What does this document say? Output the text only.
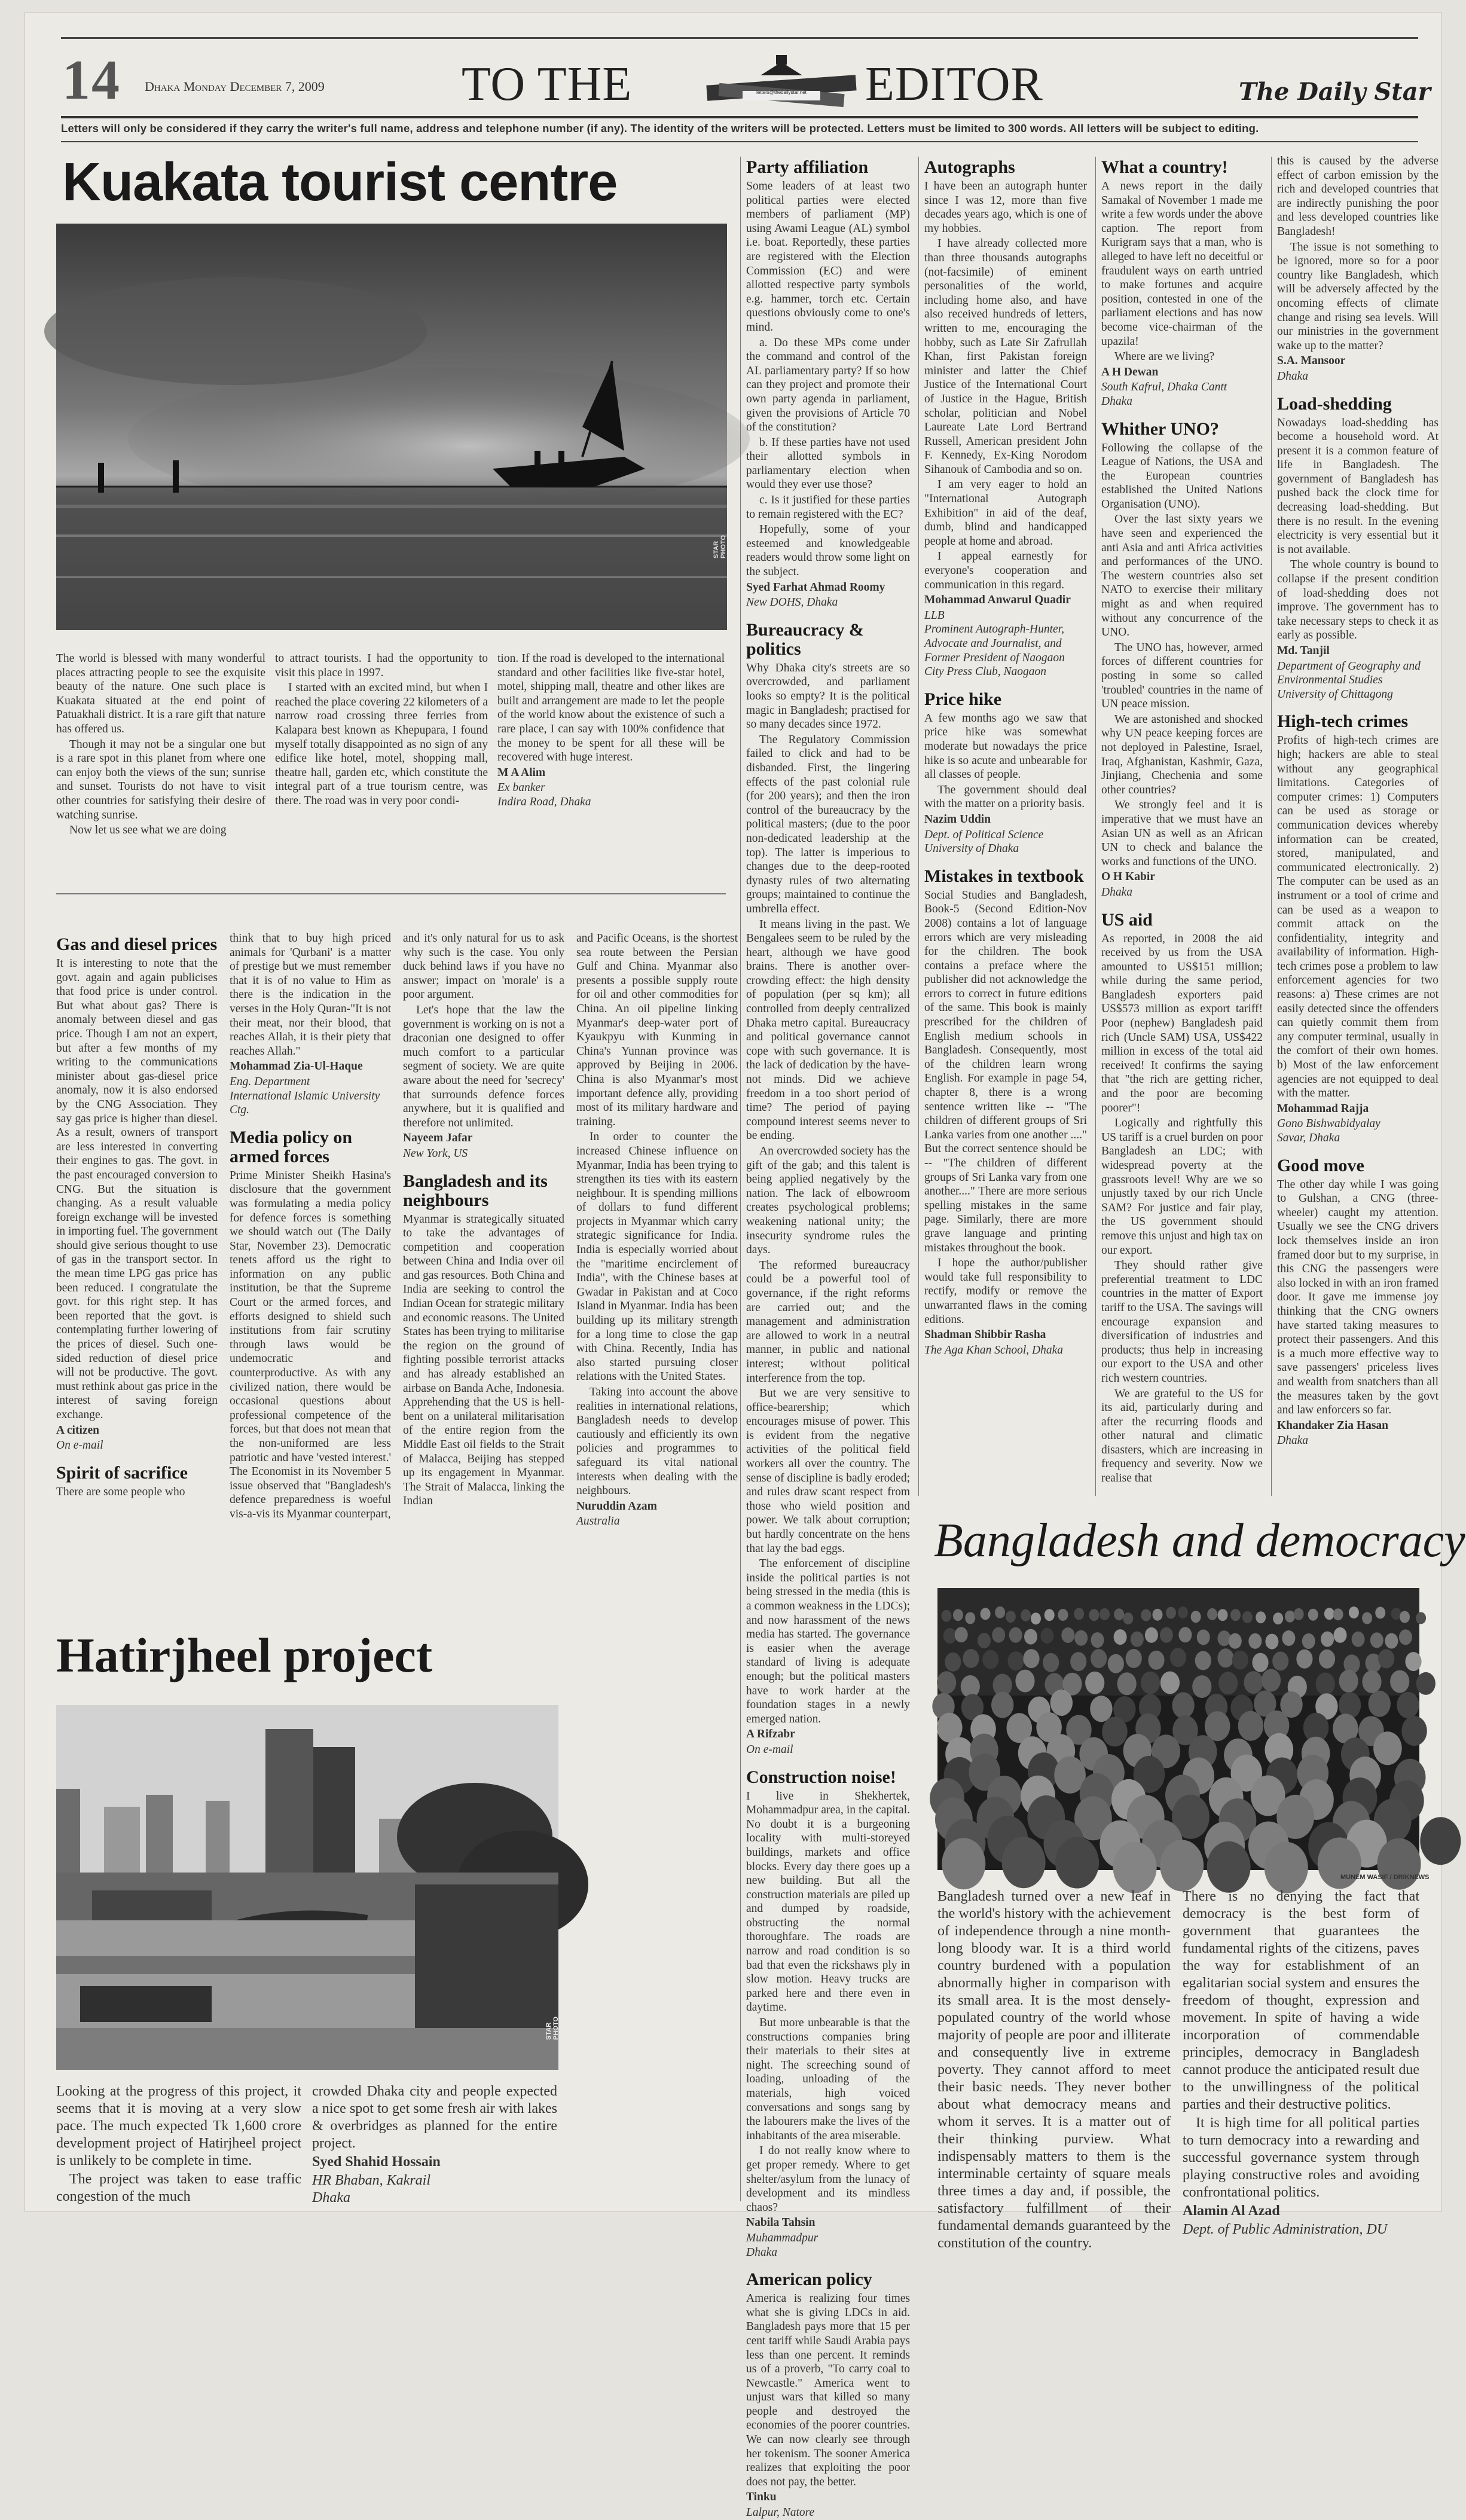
14 Dhaka Monday December 7, 2009	TO THE	letters@thedailystar.net EDITOR	The Daily Star
Letters will only be considered if they carry the writer's full name, address and telephone number (if any). The identity of the writers will be protected. Letters must be limited to 300 words. All letters will be subject to editing.
Kuakata tourist centre
STAR PHOTO

The world is blessed with many wonderful places attracting people to see the exquisite beauty of the nature. One such place is Kuakata situated at the end point of Patuakhali district. It is a rare gift that nature has offered us.

Though it may not be a singular one but is a rare spot in this planet from where one can enjoy both the views of the sun; sunrise and sunset. Tourists do not have to visit other countries for satisfying their desire of watching sunrise.

Now let us see what we are doing

to attract tourists. I had the opportunity to visit this place in 1997.

I started with an excited mind, but when I reached the place covering 22 kilometers of a narrow road crossing three ferries from Kalapara best known as Khepupara, I found myself totally disappointed as no sign of any edifice like hotel, motel, shopping mall, theatre hall, garden etc, which constitute the integral part of a true tourism centre, was there. The road was in very poor condi-

tion. If the road is developed to the international standard and other facilities like five-star hotel, motel, shipping mall, theatre and other likes are built and arrangement are made to let the people of the world know about the existence of such a rare place, I can say with 100% confidence that the money to be spent for all these will be recovered with huge interest.

M A Alim

Ex banker

Indira Road, Dhaka

Gas and diesel prices

It is interesting to note that the govt. again and again publicises that food price is under control. But what about gas? There is anomaly between diesel and gas price. Though I am not an expert, but after a few months of my writing to the communications minister about gas-diesel price anomaly, now it is also endorsed by the CNG Association. They say gas price is higher than diesel. As a result, owners of transport are less interested in converting their engines to gas. The govt. in the past encouraged conversion to CNG. But the situation is changing. As a result valuable foreign exchange will be invested in importing fuel. The government should give serious thought to use of gas in the transport sector. In the mean time LPG gas price has been reduced. I congratulate the govt. for this right step. It has been reported that the govt. is contemplating further lowering of the prices of diesel. Such one-sided reduction of diesel price will not be productive. The govt. must rethink about gas price in the interest of saving foreign exchange.

A citizen

On e-mail

Spirit of sacrifice

There are some people who

think that to buy high priced animals for 'Qurbani' is a matter of prestige but we must remember that it is of no value to Him as there is the indication in the verses in the Holy Quran-"It is not their meat, nor their blood, that reaches Allah, it is their piety that reaches Allah."

Mohammad Zia-Ul-Haque

Eng. Department

International Islamic University Ctg.

Media policy on armed forces

Prime Minister Sheikh Hasina's disclosure that the government was formulating a media policy for defence forces is something we should watch out (The Daily Star, November 23). Democratic tenets afford us the right to information on any public institution, be that the Supreme Court or the armed forces, and efforts designed to shield such institutions from fair scrutiny through laws would be undemocratic and counterproductive. As with any civilized nation, there would be occasional questions about professional competence of the forces, but that does not mean that the non-uniformed are less patriotic and have 'vested interest.' The Economist in its November 5 issue observed that "Bangladesh's defence preparedness is woeful vis-a-vis its Myanmar counterpart,

and it's only natural for us to ask why such is the case. You only duck behind laws if you have no answer; impact on 'morale' is a poor argument.

Let's hope that the law the government is working on is not a draconian one designed to offer much comfort to a particular segment of society. We are quite aware about the need for 'secrecy' that surrounds defence forces anywhere, but it is qualified and therefore not unlimited.

Nayeem Jafar

New York, US

Bangladesh and its neighbours

Myanmar is strategically situated to take the advantages of competition and cooperation between China and India over oil and gas resources. Both China and India are seeking to control the Indian Ocean for strategic military and economic reasons. The United States has been trying to militarise the region on the ground of fighting possible terrorist attacks and has already established an airbase on Banda Ache, Indonesia. Apprehending that the US is hell-bent on a unilateral militarisation of the entire region from the Middle East oil fields to the Strait of Malacca, Beijing has stepped up its engagement in Myanmar. The Strait of Malacca, linking the Indian

and Pacific Oceans, is the shortest sea route between the Persian Gulf and China. Myanmar also presents a possible supply route for oil and other commodities for China. An oil pipeline linking Myanmar's deep-water port of Kyaukpyu with Kunming in China's Yunnan province was approved by Beijing in 2006. China is also Myanmar's most important defence ally, providing most of its military hardware and training.

In order to counter the increased Chinese influence on Myanmar, India has been trying to strengthen its ties with its eastern neighbour. It is spending millions of dollars to fund different projects in Myanmar which carry strategic significance for India. India is especially worried about the "maritime encirclement of India", with the Chinese bases at Gwadar in Pakistan and at Coco Island in Myanmar. India has been building up its military strength for a long time to close the gap with China. Recently, India has also started pursuing closer relations with the United States.

Taking into account the above realities in international relations, Bangladesh needs to develop cautiously and efficiently its own policies and programmes to safeguard its vital national interests when dealing with the neighbours.

Nuruddin Azam

Australia

Hatirjheel project
STAR PHOTO

Looking at the progress of this project, it seems that it is moving at a very slow pace. The much expected Tk 1,600 crore development project of Hatirjheel project is unlikely to be complete in time.

The project was taken to ease traffic congestion of the much

crowded Dhaka city and people expected a nice spot to get some fresh air with lakes & overbridges as planned for the entire project.

Syed Shahid Hossain

HR Bhaban, Kakrail

Dhaka

Party affiliation

Some leaders of at least two political parties were elected members of parliament (MP) using Awami League (AL) symbol i.e. boat. Reportedly, these parties are registered with the Election Commission (EC) and were allotted respective party symbols e.g. hammer, torch etc. Certain questions obviously come to one's mind.

a. Do these MPs come under the command and control of the AL parliamentary party? If so how can they project and promote their own party agenda in parliament, given the provisions of Article 70 of the constitution?

b. If these parties have not used their allotted symbols in parliamentary election when would they ever use those?

c. Is it justified for these parties to remain registered with the EC?

Hopefully, some of your esteemed and knowledgeable readers would throw some light on the subject.

Syed Farhat Ahmad Roomy

New DOHS, Dhaka

Bureaucracy & politics

Why Dhaka city's streets are so overcrowded, and parliament looks so empty? It is the political magic in Bangladesh; practised for so many decades since 1972.

The Regulatory Commission failed to click and had to be disbanded. First, the lingering effects of the past colonial rule (for 200 years); and then the iron control of the bureaucracy by the political masters; (due to the poor non-dedicated leadership at the top). The latter is imperious to changes due to the deep-rooted dynasty rules of two alternating groups; maintained to continue the umbrella effect.

It means living in the past. We Bengalees seem to be ruled by the heart, although we have good brains. There is another over-crowding effect: the high density of population (per sq km); all controlled from deeply centralized Dhaka metro capital. Bureaucracy and political governance cannot cope with such governance. It is the lack of dedication by the have-not minds. Did we achieve freedom in a too short period of time? The period of paying compound interest seems never to be ending.

An overcrowded society has the gift of the gab; and this talent is being applied negatively by the nation. The lack of elbowroom creates psychological problems; weakening national unity; the insecurity syndrome rules the days.

The reformed bureaucracy could be a powerful tool of governance, if the right reforms are carried out; and the management and administration are allowed to work in a neutral manner, in public and national interest; without political interference from the top.

But we are very sensitive to office-bearership; which encourages misuse of power. This is evident from the negative activities of the political field workers all over the country. The sense of discipline is badly eroded; and rules draw scant respect from those who wield position and power. We talk about corruption; but hardly concentrate on the hens that lay the bad eggs.

The enforcement of discipline inside the political parties is not being stressed in the media (this is a common weakness in the LDCs); and now harassment of the news media has started. The governance is easier when the average standard of living is adequate enough; but the political masters have to work harder at the foundation stages in a newly emerged nation.

A Rifzabr

On e-mail

Construction noise!

I live in Shekhertek, Mohammadpur area, in the capital. No doubt it is a burgeoning locality with multi-storeyed buildings, markets and office blocks. Every day there goes up a new building. But all the construction materials are piled up and dumped by roadside, obstructing the normal thoroughfare. The roads are narrow and road condition is so bad that even the rickshaws ply in slow motion. Heavy trucks are parked here and there even in daytime.

But more unbearable is that the constructions companies bring their materials to their sites at night. The screeching sound of loading, unloading of the materials, high voiced conversations and songs sang by the labourers make the lives of the inhabitants of the area miserable.

I do not really know where to get proper remedy. Where to get shelter/asylum from the lunacy of development and its mindless chaos?

Nabila Tahsin

Muhammadpur

Dhaka

American policy

America is realizing four times what she is giving LDCs in aid. Bangladesh pays more that 15 per cent tariff while Saudi Arabia pays less than one percent. It reminds us of a proverb, "To carry coal to Newcastle." America went to unjust wars that killed so many people and destroyed the economies of the poorer countries. We can now clearly see through her tokenism. The sooner America realizes that exploiting the poor does not pay, the better.

Tinku

Lalpur, Natore

Autographs

I have been an autograph hunter since I was 12, more than five decades years ago, which is one of my hobbies.

I have already collected more than three thousands autographs (not-facsimile) of eminent personalities of the world, including home also, and have also received hundreds of letters, written to me, encouraging the hobby, such as Late Sir Zafrullah Khan, first Pakistan foreign minister and latter the Chief Justice of the International Court of Justice in the Hague, British scholar, politician and Nobel Laureate Late Lord Bertrand Russell, American president John F. Kennedy, Ex-King Norodom Sihanouk of Cambodia and so on.

I am very eager to hold an "International Autograph Exhibition" in aid of the deaf, dumb, blind and handicapped people at home and abroad.

I appeal earnestly for everyone's cooperation and communication in this regard.

Mohammad Anwarul Quadir

LLB
Prominent Autograph-Hunter, Advocate and Journalist, and
Former President of Naogaon City Press Club, Naogaon

Price hike

A few months ago we saw that price hike was somewhat moderate but nowadays the price hike is so acute and unbearable for all classes of people.

The government should deal with the matter on a priority basis.

Nazim Uddin

Dept. of Political Science
University of Dhaka

Mistakes in textbook

Social Studies and Bangladesh, Book-5 (Second Edition-Nov 2008) contains a lot of language errors which are very misleading for the children. The book contains a preface where the publisher did not acknowledge the errors to correct in future editions of the same. This book is mainly prescribed for the children of English medium schools in Bangladesh. Consequently, most of the children learn wrong English. For example in page 54, chapter 8, there is a wrong sentence written like -- "The children of different groups of Sri Lanka varies from one another ...." But the correct sentence should be -- "The children of different groups of Sri Lanka vary from one another...." There are more serious spelling mistakes in the same page. Similarly, there are more grave language and printing mistakes throughout the book.

I hope the author/publisher would take full responsibility to rectify, modify or remove the unwarranted flaws in the coming editions.

Shadman Shibbir Rasha

The Aga Khan School, Dhaka

What a country!

A news report in the daily Samakal of November 1 made me write a few words under the above caption. The report from Kurigram says that a man, who is alleged to have left no deceitful or fraudulent ways on earth untried to make fortunes and acquire position, contested in one of the parliament elections and has now become vice-chairman of the upazila!

Where are we living?

A H Dewan

South Kafrul, Dhaka Cantt
Dhaka

Whither UNO?

Following the collapse of the League of Nations, the USA and the European countries established the United Nations Organisation (UNO).

Over the last sixty years we have seen and experienced the anti Asia and anti Africa activities and performances of the UNO. The western countries also set NATO to exercise their military might as and when required without any concurrence of the UNO.

The UNO has, however, armed forces of different countries for posting in some so called 'troubled' countries in the name of UN peace mission.

We are astonished and shocked why UN peace keeping forces are not deployed in Palestine, Israel, Iraq, Afghanistan, Kashmir, Gaza, Jinjiang, Chechenia and some other countries?

We strongly feel and it is imperative that we must have an Asian UN as well as an African UN to check and balance the works and functions of the UNO.

O H Kabir

Dhaka

US aid

As reported, in 2008 the aid received by us from the USA amounted to US$151 million; while during the same period, Bangladesh exporters paid US$573 million as export tariff! Poor (nephew) Bangladesh paid rich (Uncle SAM) USA, US$422 million in excess of the total aid received! It confirms the saying that "the rich are getting richer, and the poor are becoming poorer"!

Logically and rightfully this US tariff is a cruel burden on poor Bangladesh an LDC; with widespread poverty at the grassroots level! Why are we so unjustly taxed by our rich Uncle SAM? For justice and fair play, the US government should remove this unjust and high tax on our export.

They should rather give preferential treatment to LDC countries in the matter of Export tariff to the USA. The savings will encourage expansion and diversification of industries and products; thus help in increasing our export to the USA and other rich western countries.

We are grateful to the US for its aid, particularly during and after the recurring floods and other natural and climatic disasters, which are increasing in frequency and severity. Now we realise that

this is caused by the adverse effect of carbon emission by the rich and developed countries that are indirectly punishing the poor and less developed countries like Bangladesh!

The issue is not something to be ignored, more so for a poor country like Bangladesh, which will be adversely affected by the oncoming effects of climate change and rising sea levels. Will our ministries in the government wake up to the matter?

S.A. Mansoor

Dhaka

Load-shedding

Nowadays load-shedding has become a household word. At present it is a common feature of life in Bangladesh. The government of Bangladesh has pushed back the clock time for decreasing load-shedding. But there is no result. In the evening electricity is very essential but it is not available.

The whole country is bound to collapse if the present condition of load-shedding does not improve. The government has to take necessary steps to check it as early as possible.

Md. Tanjil

Department of Geography and
Environmental Studies
University of Chittagong

High-tech crimes

Profits of high-tech crimes are high; hackers are able to steal without any geographical limitations. Categories of computer crimes: 1) Computers can be used as storage or communication devices whereby information can be created, stored, manipulated, and communicated electronically. 2) The computer can be used as an instrument or a tool of crime and can be used as a weapon to commit attack on the confidentiality, integrity and availability of information. High-tech crimes pose a problem to law enforcement agencies for two reasons: a) These crimes are not easily detected since the offenders can quietly commit them from any computer terminal, usually in the comfort of their own homes. b) Most of the law enforcement agencies are not equipped to deal with the matter.

Mohammad Rajja

Gono Bishwabidyalay
Savar, Dhaka

Good move

The other day while I was going to Gulshan, a CNG (three-wheeler) caught my attention. Usually we see the CNG drivers lock themselves inside an iron framed door but to my surprise, in this CNG the passengers were also locked in with an iron framed door. It gave me immense joy thinking that the CNG owners have started taking measures to protect their passengers. And this is a much more effective way to save passengers' priceless lives and wealth from snatchers than all the measures taken by the govt and law enforcers so far.

Khandaker Zia Hasan

Dhaka

Bangladesh and democracy
MUNEM WASIF / DRIKNEWS

Bangladesh turned over a new leaf in the world's history with the achievement of independence through a nine month-long bloody war. It is a third world country burdened with a population abnormally higher in comparison with its small area. It is the most densely-populated country of the world whose majority of people are poor and illiterate and consequently live in extreme poverty. They cannot afford to meet their basic needs. They never bother about what democracy means and whom it serves. It is a matter out of their thinking purview. What indispensably matters to them is the interminable certainty of square meals three times a day and, if possible, the satisfactory fulfillment of their fundamental demands guaranteed by the constitution of the country.

There is no denying the fact that democracy is the best form of government that guarantees the fundamental rights of the citizens, paves the way for establishment of an egalitarian social system and ensures the freedom of thought, expression and movement. In spite of having a wide incorporation of commendable principles, democracy in Bangladesh cannot produce the anticipated result due to the unwillingness of the political parties and their destructive politics.

It is high time for all political parties to turn democracy into a rewarding and successful governance system through playing constructive roles and avoiding confrontational politics.

Alamin Al Azad

Dept. of Public Administration, DU
